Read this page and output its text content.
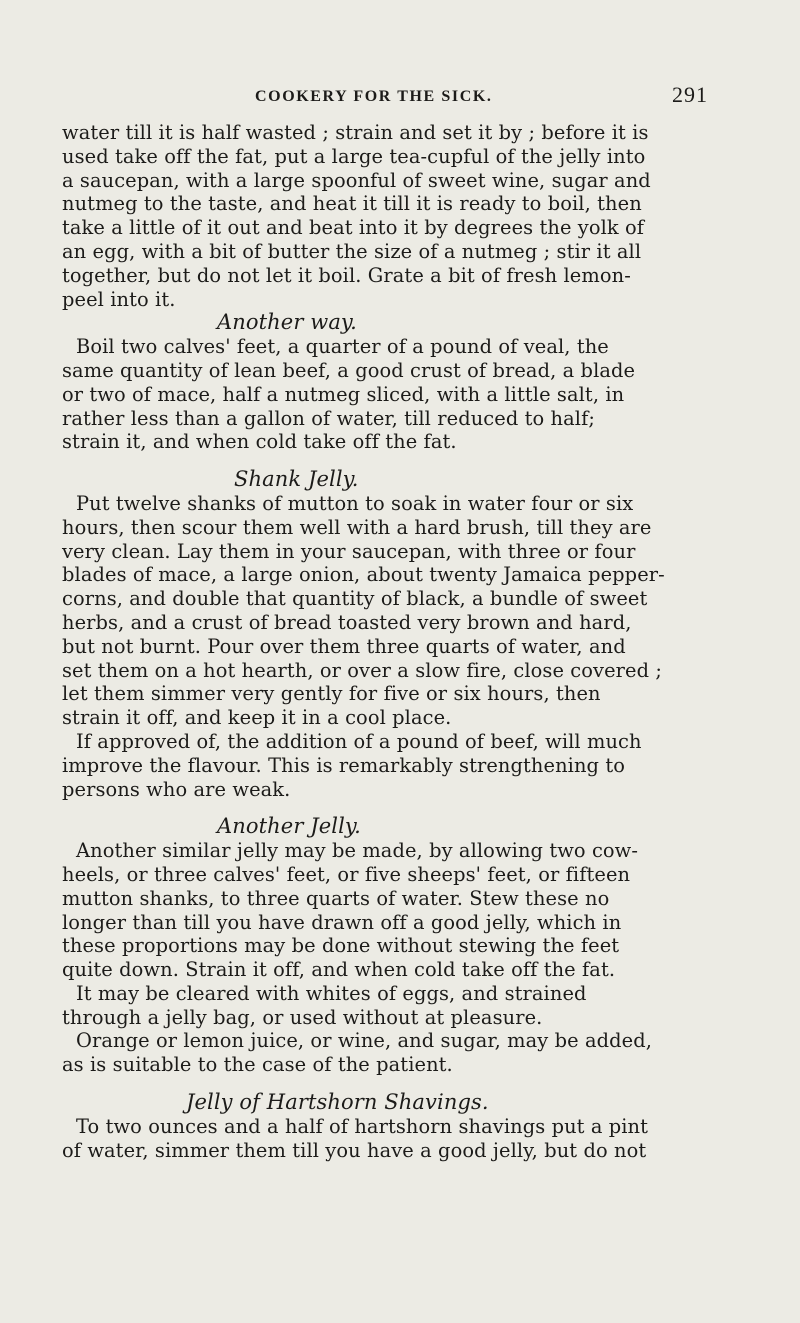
COOKERY FOR THE SICK.	291
water till it is half wasted ; strain and set it by ; before it is
used take off the fat, put a large tea-cupful of the jelly into
a saucepan, with a large spoonful of sweet wine, sugar and
nutmeg to the taste, and heat it till it is ready to boil, then
take a little of it out and beat into it by degrees the yolk of
an egg, with a bit of butter the size of a nutmeg ; stir it all
together, but do not let it boil. Grate a bit of fresh lemon-
peel into it.
Another way.
Boil two calves' feet, a quarter of a pound of veal, the
same quantity of lean beef, a good crust of bread, a blade
or two of mace, half a nutmeg sliced, with a little salt, in
rather less than a gallon of water, till reduced to half;
strain it, and when cold take off the fat.
Shank Jelly.
Put twelve shanks of mutton to soak in water four or six
hours, then scour them well with a hard brush, till they are
very clean. Lay them in your saucepan, with three or four
blades of mace, a large onion, about twenty Jamaica pepper-
corns, and double that quantity of black, a bundle of sweet
herbs, and a crust of bread toasted very brown and hard,
but not burnt. Pour over them three quarts of water, and
set them on a hot hearth, or over a slow fire, close covered ;
let them simmer very gently for five or six hours, then
strain it off, and keep it in a cool place.
If approved of, the addition of a pound of beef, will much
improve the flavour. This is remarkably strengthening to
persons who are weak.
Another Jelly.
Another similar jelly may be made, by allowing two cow-
heels, or three calves' feet, or five sheeps' feet, or fifteen
mutton shanks, to three quarts of water. Stew these no
longer than till you have drawn off a good jelly, which in
these proportions may be done without stewing the feet
quite down. Strain it off, and when cold take off the fat.
It may be cleared with whites of eggs, and strained
through a jelly bag, or used without at pleasure.
Orange or lemon juice, or wine, and sugar, may be added,
as is suitable to the case of the patient.
Jelly of Hartshorn Shavings.
To two ounces and a half of hartshorn shavings put a pint
of water, simmer them till you have a good jelly, but do not
